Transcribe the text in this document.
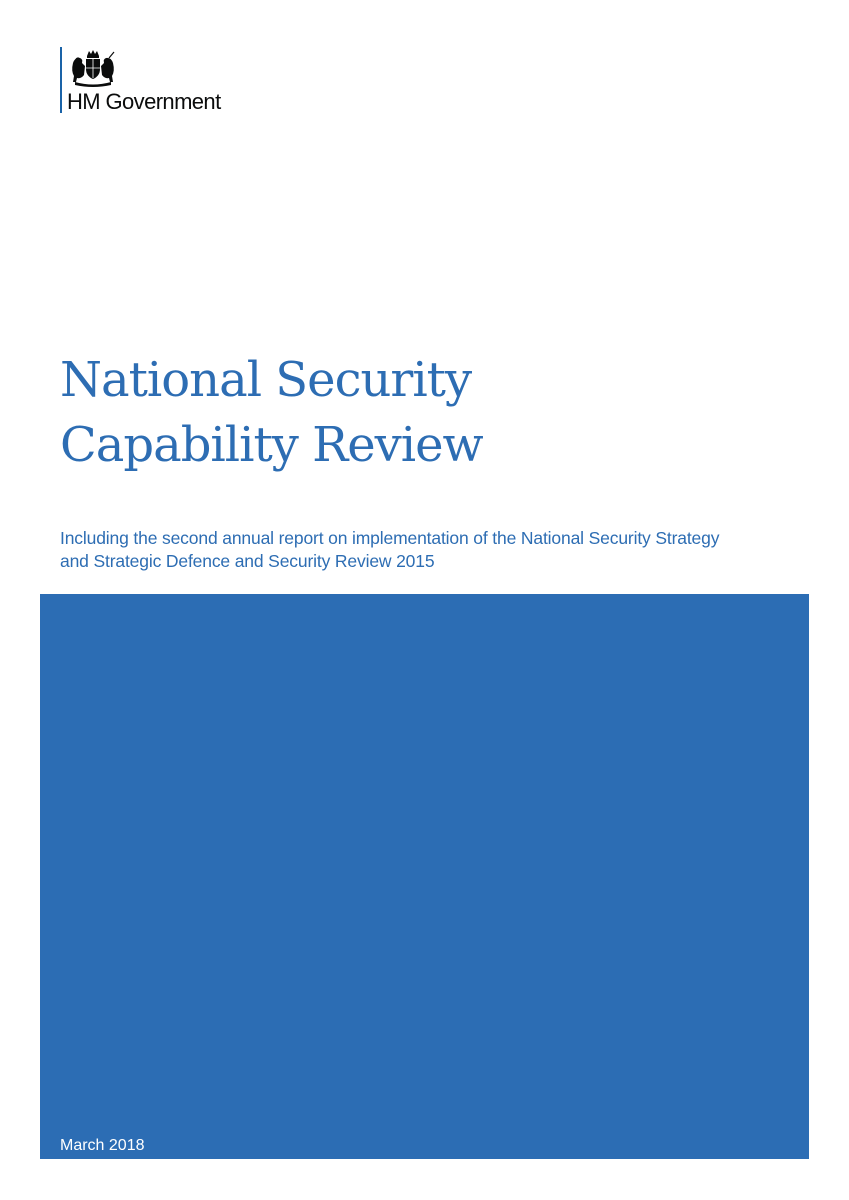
HM Government
National Security
Capability Review

Including the second annual report on implementation of the National Security Strategy
and Strategic Defence and Security Review 2015

March 2018
